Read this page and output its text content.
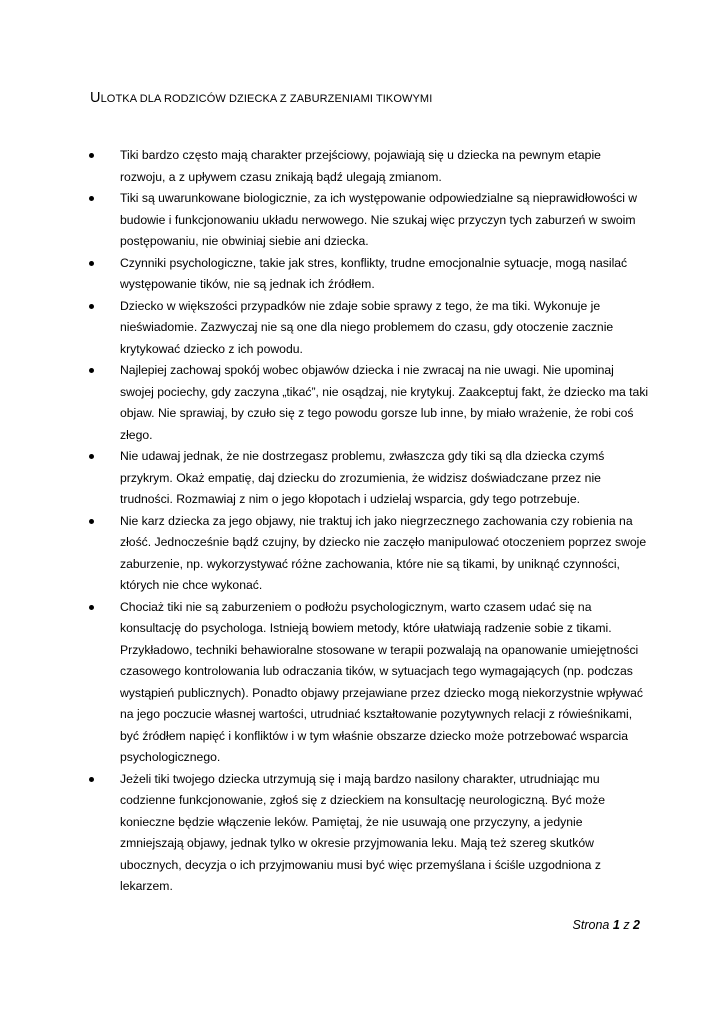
ULOTKA DLA RODZICÓW DZIECKA Z ZABURZENIAMI TIKOWYMI
Tiki bardzo często mają charakter przejściowy, pojawiają się u dziecka na pewnym etapie
rozwoju, a z upływem czasu znikają bądź ulegają zmianom.
Tiki są uwarunkowane biologicznie, za ich występowanie odpowiedzialne są nieprawidłowości w
budowie i funkcjonowaniu układu nerwowego. Nie szukaj więc przyczyn tych zaburzeń w swoim
postępowaniu, nie obwiniaj siebie ani dziecka.
Czynniki psychologiczne, takie jak stres, konflikty, trudne emocjonalnie sytuacje, mogą nasilać
występowanie tików, nie są jednak ich źródłem.
Dziecko w większości przypadków nie zdaje sobie sprawy z tego, że ma tiki. Wykonuje je
nieświadomie. Zazwyczaj nie są one dla niego problemem do czasu, gdy otoczenie zacznie
krytykować dziecko z ich powodu.
Najlepiej zachowaj spokój wobec objawów dziecka i nie zwracaj na nie uwagi. Nie upominaj
swojej pociechy, gdy zaczyna „tikać”, nie osądzaj, nie krytykuj. Zaakceptuj fakt, że dziecko ma taki
objaw. Nie sprawiaj, by czuło się z tego powodu gorsze lub inne, by miało wrażenie, że robi coś
złego.
Nie udawaj jednak, że nie dostrzegasz problemu, zwłaszcza gdy tiki są dla dziecka czymś
przykrym. Okaż empatię, daj dziecku do zrozumienia, że widzisz doświadczane przez nie
trudności. Rozmawiaj z nim o jego kłopotach i udzielaj wsparcia, gdy tego potrzebuje.
Nie karz dziecka za jego objawy, nie traktuj ich jako niegrzecznego zachowania czy robienia na
złość. Jednocześnie bądź czujny, by dziecko nie zaczęło manipulować otoczeniem poprzez swoje
zaburzenie, np. wykorzystywać różne zachowania, które nie są tikami, by uniknąć czynności,
których nie chce wykonać.
Chociaż tiki nie są zaburzeniem o podłożu psychologicznym, warto czasem udać się na
konsultację do psychologa. Istnieją bowiem metody, które ułatwiają radzenie sobie z tikami.
Przykładowo, techniki behawioralne stosowane w terapii pozwalają na opanowanie umiejętności
czasowego kontrolowania lub odraczania tików, w sytuacjach tego wymagających (np. podczas
wystąpień publicznych). Ponadto objawy przejawiane przez dziecko mogą niekorzystnie wpływać
na jego poczucie własnej wartości, utrudniać kształtowanie pozytywnych relacji z rówieśnikami,
być źródłem napięć i konfliktów i w tym właśnie obszarze dziecko może potrzebować wsparcia
psychologicznego.
Jeżeli tiki twojego dziecka utrzymują się i mają bardzo nasilony charakter, utrudniając mu
codzienne funkcjonowanie, zgłoś się z dzieckiem na konsultację neurologiczną. Być może
konieczne będzie włączenie leków. Pamiętaj, że nie usuwają one przyczyny, a jedynie
zmniejszają objawy, jednak tylko w okresie przyjmowania leku. Mają też szereg skutków
ubocznych, decyzja o ich przyjmowaniu musi być więc przemyślana i ściśle uzgodniona z
lekarzem.
Strona 1 z 2
